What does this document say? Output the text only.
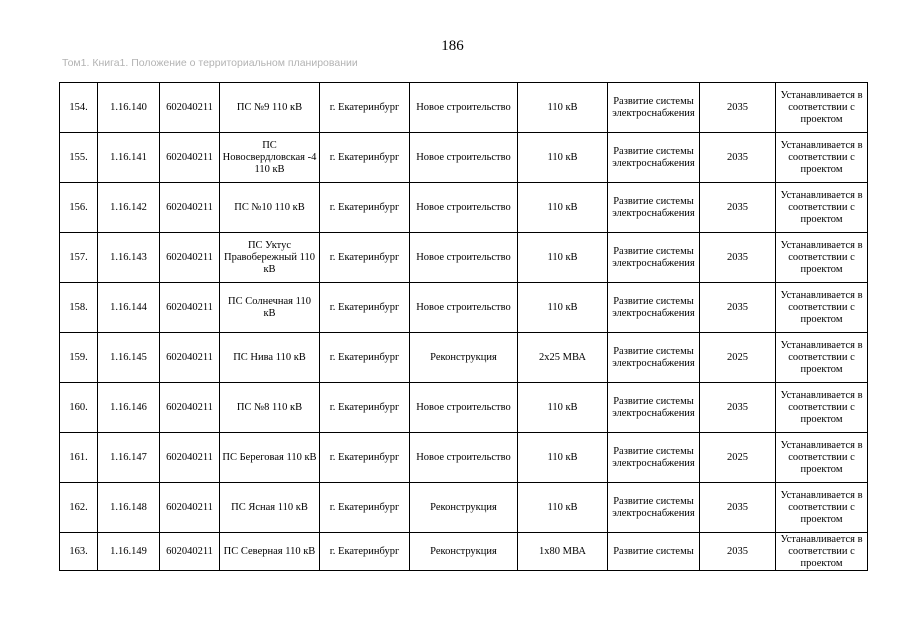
186
Том1. Книга1. Положение о территориальном планировании
154.	1.16.140	602040211	ПС №9 110 кВ	г. Екатеринбург	Новое строительство	110 кВ	Развитие системы электроснабжения	2035	Устанавливается в соответствии с проектом

155.	1.16.141	602040211	ПС Новосвердловская -4 110 кВ	г. Екатеринбург	Новое строительство	110 кВ	Развитие системы электроснабжения	2035	Устанавливается в соответствии с проектом

156.	1.16.142	602040211	ПС №10 110 кВ	г. Екатеринбург	Новое строительство	110 кВ	Развитие системы электроснабжения	2035	Устанавливается в соответствии с проектом

157.	1.16.143	602040211	ПС Уктус Правобережный 110 кВ	г. Екатеринбург	Новое строительство	110 кВ	Развитие системы электроснабжения	2035	Устанавливается в соответствии с проектом

158.	1.16.144	602040211	ПС Солнечная 110 кВ	г. Екатеринбург	Новое строительство	110 кВ	Развитие системы электроснабжения	2035	Устанавливается в соответствии с проектом

159.	1.16.145	602040211	ПС Нива 110 кВ	г. Екатеринбург	Реконструкция	2x25 МВА	Развитие системы электроснабжения	2025	Устанавливается в соответствии с проектом

160.	1.16.146	602040211	ПС №8 110 кВ	г. Екатеринбург	Новое строительство	110 кВ	Развитие системы электроснабжения	2035	Устанавливается в соответствии с проектом

161.	1.16.147	602040211	ПС Береговая 110 кВ	г. Екатеринбург	Новое строительство	110 кВ	Развитие системы электроснабжения	2025	Устанавливается в соответствии с проектом

162.	1.16.148	602040211	ПС Ясная 110 кВ	г. Екатеринбург	Реконструкция	110 кВ	Развитие системы электроснабжения	2035	Устанавливается в соответствии с проектом

163.	1.16.149	602040211	ПС Северная 110 кВ	г. Екатеринбург	Реконструкция	1x80 МВА	Развитие системы	2035	Устанавливается в соответствии с проектом
